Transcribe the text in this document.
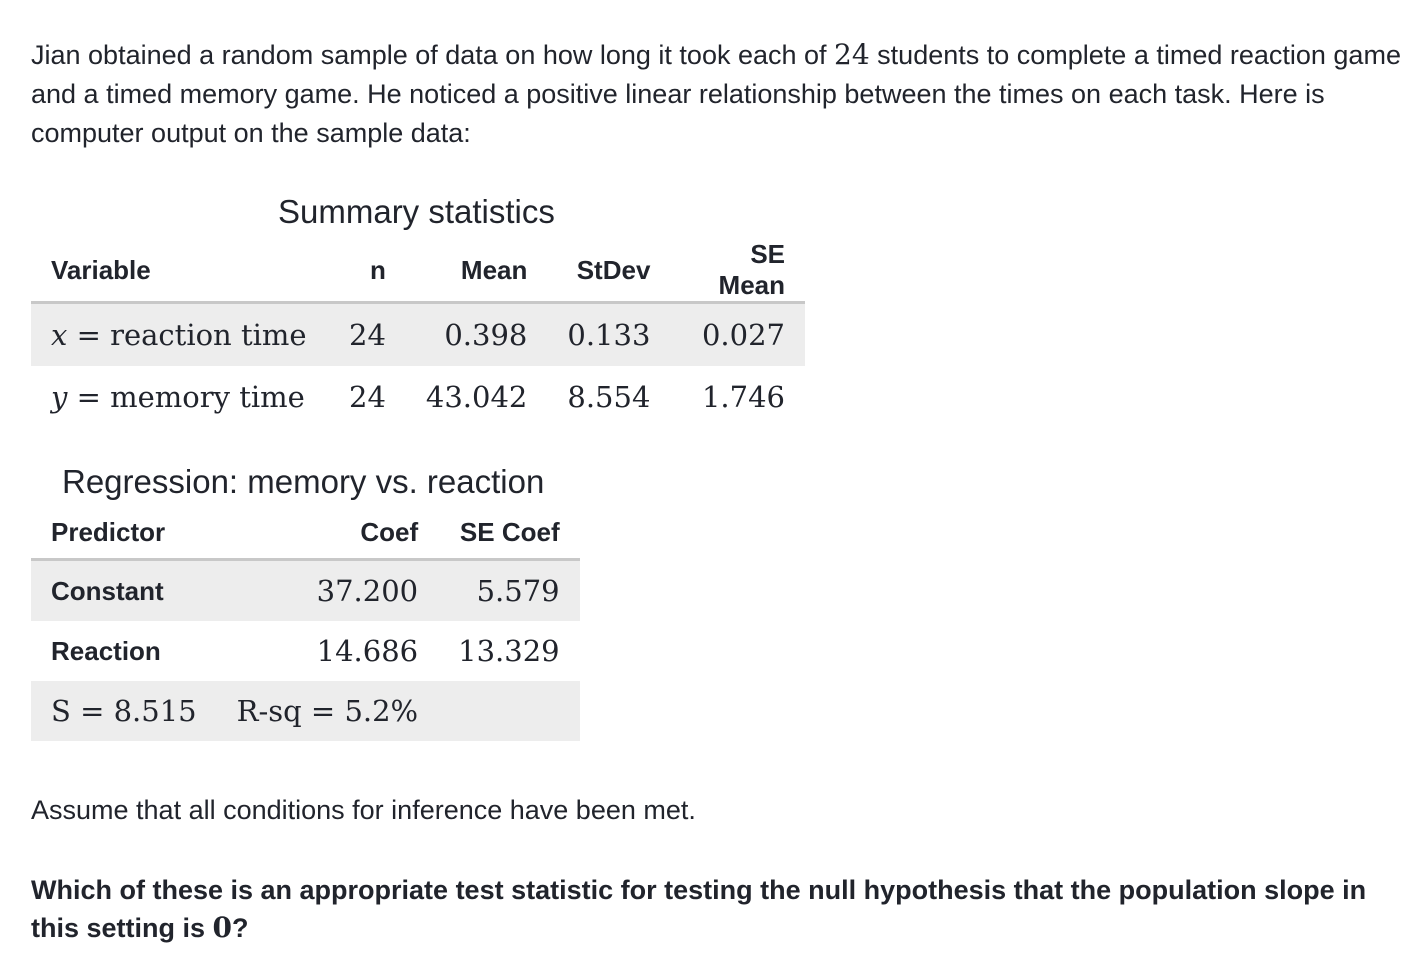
Jian obtained a random sample of data on how long it took each of 24 students to complete a timed reaction game and a timed memory game. He noticed a positive linear relationship between the times on each task. Here is computer output on the sample data:

Summary statistics
Variable	n	Mean	StDev	SE Mean
x = reaction time	24	0.398	0.133	0.027
y = memory time	24	43.042	8.554	1.746
Regression: memory vs. reaction
Predictor	Coef	SE Coef
Constant	37.200	5.579
Reaction	14.686	13.329
S = 8.515	R-sq = 5.2%	

Assume that all conditions for inference have been met.

Which of these is an appropriate test statistic for testing the null hypothesis that the population slope in this setting is 0?
